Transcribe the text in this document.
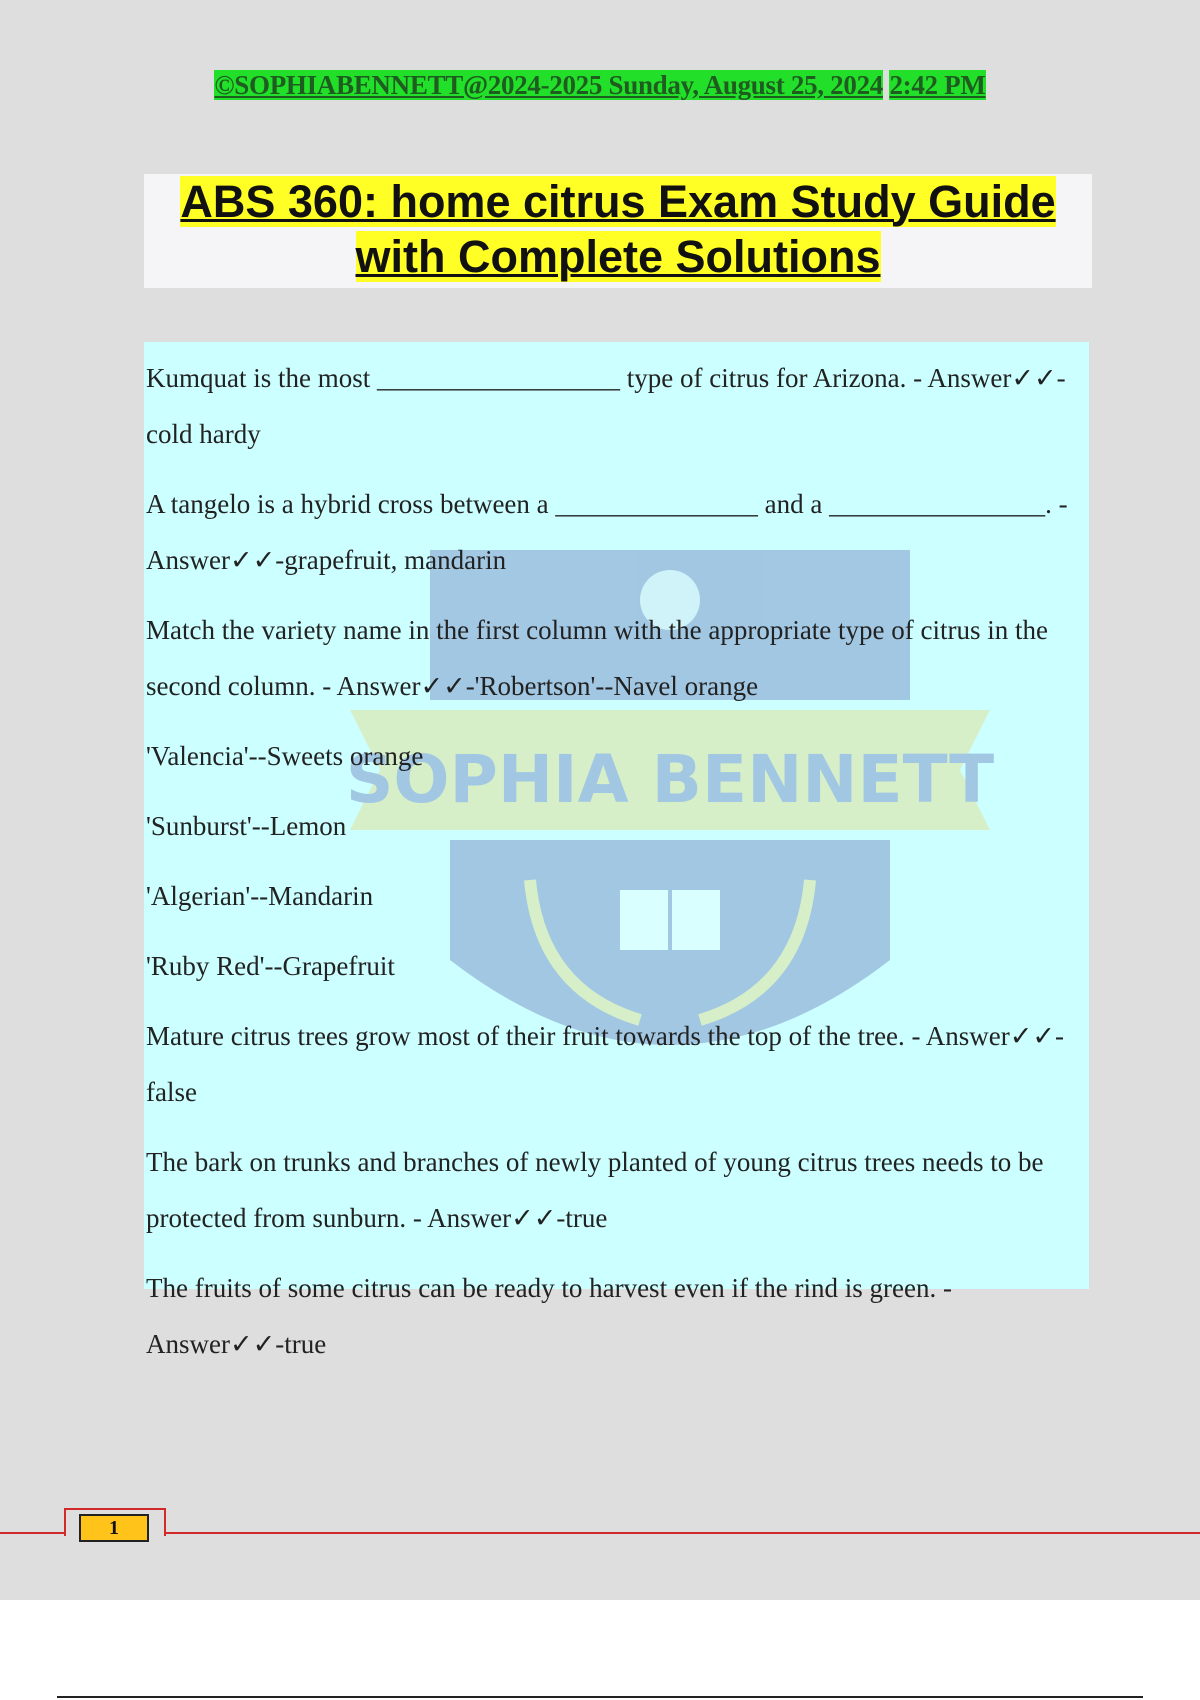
©SOPHIABENNETT@2024-2025 Sunday, August 25, 2024 2:42 PM
ABS 360: home citrus Exam Study Guide
with Complete Solutions
SOPHIA BENNETT

Kumquat is the most __________________ type of citrus for Arizona. - Answer✓✓-cold hardy

A tangelo is a hybrid cross between a _______________ and a ________________. - Answer✓✓-grapefruit, mandarin

Match the variety name in the first column with the appropriate type of citrus in the second column. - Answer✓✓-'Robertson'--Navel orange

'Valencia'--Sweets orange

'Sunburst'--Lemon

'Algerian'--Mandarin

'Ruby Red'--Grapefruit

Mature citrus trees grow most of their fruit towards the top of the tree. - Answer✓✓-false

The bark on trunks and branches of newly planted of young citrus trees needs to be protected from sunburn. - Answer✓✓-true

The fruits of some citrus can be ready to harvest even if the rind is green. - Answer✓✓-true

1
